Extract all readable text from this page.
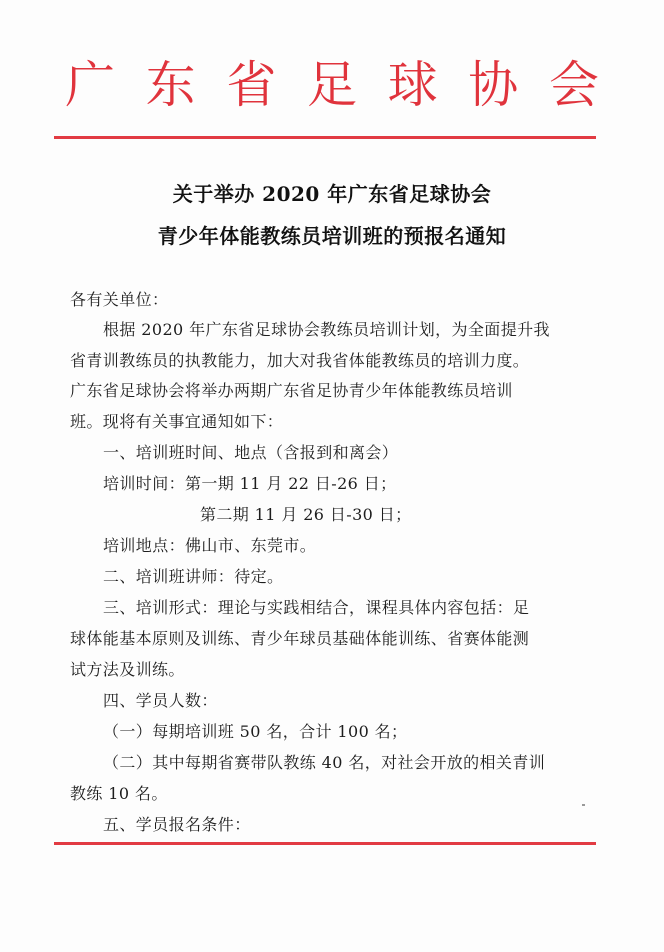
广 东 省 足 球 协 会
关于举办 2020 年广东省足球协会
青少年体能教练员培训班的预报名通知
各有关单位：
根据 2020 年广东省足球协会教练员培训计划，为全面提升我
省青训教练员的执教能力，加大对我省体能教练员的培训力度。
广东省足球协会将举办两期广东省足协青少年体能教练员培训
班。现将有关事宜通知如下：
一、培训班时间、地点（含报到和离会）
培训时间：第一期 11 月 22 日-26 日；
第二期 11 月 26 日-30 日；
培训地点：佛山市、东莞市。
二、培训班讲师：待定。
三、培训形式：理论与实践相结合，课程具体内容包括：足
球体能基本原则及训练、青少年球员基础体能训练、省赛体能测
试方法及训练。
四、学员人数：
（一）每期培训班 50 名，合计 100 名；
（二）其中每期省赛带队教练 40 名，对社会开放的相关青训
教练 10 名。
五、学员报名条件：
